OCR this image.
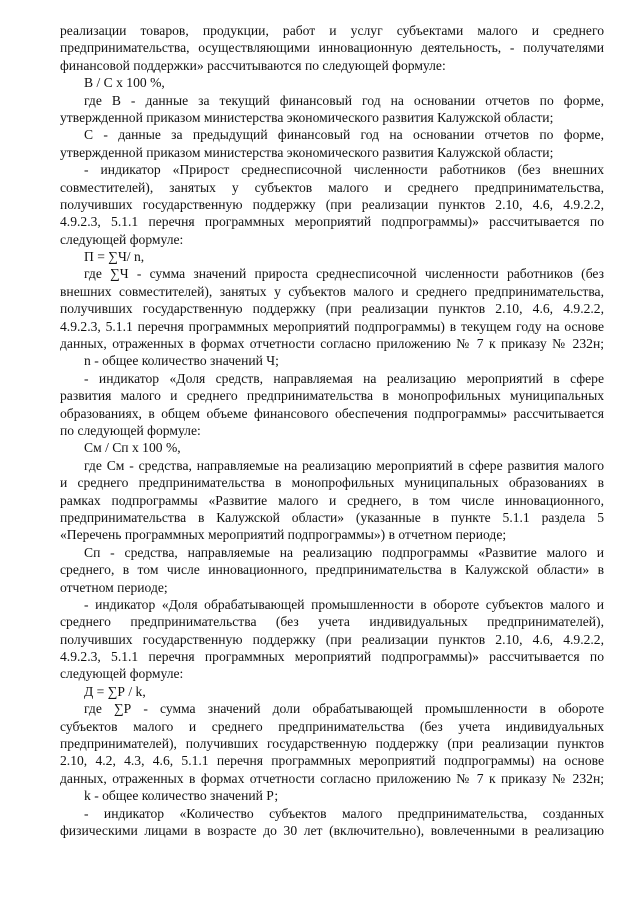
реализации товаров, продукции, работ и услуг субъектами малого и среднего
предпринимательства, осуществляющими инновационную деятельность, - получателями
финансовой поддержки» рассчитываются по следующей формуле:
В / С х 100 %,
где В - данные за текущий финансовый год на основании отчетов по форме,
утвержденной приказом министерства экономического развития Калужской области;
С - данные за предыдущий финансовый год на основании отчетов по форме,
утвержденной приказом министерства экономического развития Калужской области;
- индикатор «Прирост среднесписочной численности работников (без внешних
совместителей), занятых у субъектов малого и среднего предпринимательства,
получивших государственную поддержку (при реализации пунктов 2.10, 4.6, 4.9.2.2,
4.9.2.3, 5.1.1 перечня программных мероприятий подпрограммы)» рассчитывается по
следующей формуле:
П = ∑Ч/ n,
где ∑Ч - сумма значений прироста среднесписочной численности работников (без
внешних совместителей), занятых у субъектов малого и среднего предпринимательства,
получивших государственную поддержку (при реализации пунктов 2.10, 4.6, 4.9.2.2,
4.9.2.3, 5.1.1 перечня программных мероприятий подпрограммы) в текущем году на основе
данных, отраженных в формах отчетности согласно приложению № 7 к приказу № 232н;
n - общее количество значений Ч;
- индикатор «Доля средств, направляемая на реализацию мероприятий в сфере
развития малого и среднего предпринимательства в монопрофильных муниципальных
образованиях, в общем объеме финансового обеспечения подпрограммы» рассчитывается
по следующей формуле:
См / Сп х 100 %,
где См - средства, направляемые на реализацию мероприятий в сфере развития малого
и среднего предпринимательства в монопрофильных муниципальных образованиях в
рамках подпрограммы «Развитие малого и среднего, в том числе инновационного,
предпринимательства в Калужской области» (указанные в пункте 5.1.1 раздела 5
«Перечень программных мероприятий подпрограммы») в отчетном периоде;
Сп - средства, направляемые на реализацию подпрограммы «Развитие малого и
среднего, в том числе инновационного, предпринимательства в Калужской области» в
отчетном периоде;
- индикатор «Доля обрабатывающей промышленности в обороте субъектов малого и
среднего предпринимательства (без учета индивидуальных предпринимателей),
получивших государственную поддержку (при реализации пунктов 2.10, 4.6, 4.9.2.2,
4.9.2.3, 5.1.1 перечня программных мероприятий подпрограммы)» рассчитывается по
следующей формуле:
Д = ∑Р / k,
где ∑Р - сумма значений доли обрабатывающей промышленности в обороте
субъектов малого и среднего предпринимательства (без учета индивидуальных
предпринимателей), получивших государственную поддержку (при реализации пунктов
2.10, 4.2, 4.3, 4.6, 5.1.1 перечня программных мероприятий подпрограммы) на основе
данных, отраженных в формах отчетности согласно приложению № 7 к приказу № 232н;
k - общее количество значений Р;
- индикатор «Количество субъектов малого предпринимательства, созданных
физическими лицами в возрасте до 30 лет (включительно), вовлеченными в реализацию
